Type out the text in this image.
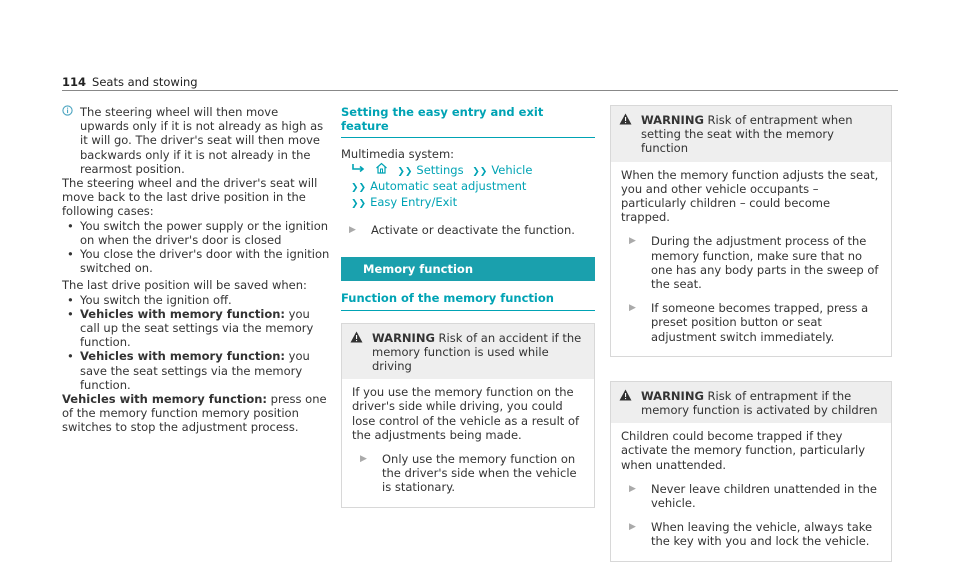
114 Seats and stowing

The steering wheel will then move upwards only if it is not already as high as it will go. The driver's seat will then move backwards only if it is not already in the rearmost position.

The steering wheel and the driver's seat will move back to the last drive position in the following cases:

• You switch the power supply or the ignition on when the driver's door is closed
• You close the driver's door with the ignition switched on.

The last drive position will be saved when:

• You switch the ignition off.
• Vehicles with memory function: you call up the seat settings via the memory function.
• Vehicles with memory function: you save the seat settings via the memory function.

Vehicles with memory function: press one of the memory function memory position switches to stop the adjustment process.

Setting the easy entry and exit feature

Multimedia system:

❯❯ Settings ❯❯ Vehicle
❯❯ Automatic seat adjustment
❯❯ Easy Entry/Exit
▶	Activate or deactivate the function.
Memory function
Function of the memory function
WARNING Risk of an accident if the memory function is used while driving

If you use the memory function on the driver's side while driving, you could lose control of the vehicle as a result of the adjustments being made.

▶	Only use the memory function on the driver's side when the vehicle is stationary.
WARNING Risk of entrapment when setting the seat with the memory function

When the memory function adjusts the seat, you and other vehicle occupants – particularly children – could become trapped.

▶	During the adjustment process of the memory function, make sure that no one has any body parts in the sweep of the seat.
▶	If someone becomes trapped, press a preset position button or seat adjustment switch immediately.
WARNING Risk of entrapment if the memory function is activated by children

Children could become trapped if they activate the memory function, particularly when unattended.

▶	Never leave children unattended in the vehicle.
▶	When leaving the vehicle, always take the key with you and lock the vehicle.
